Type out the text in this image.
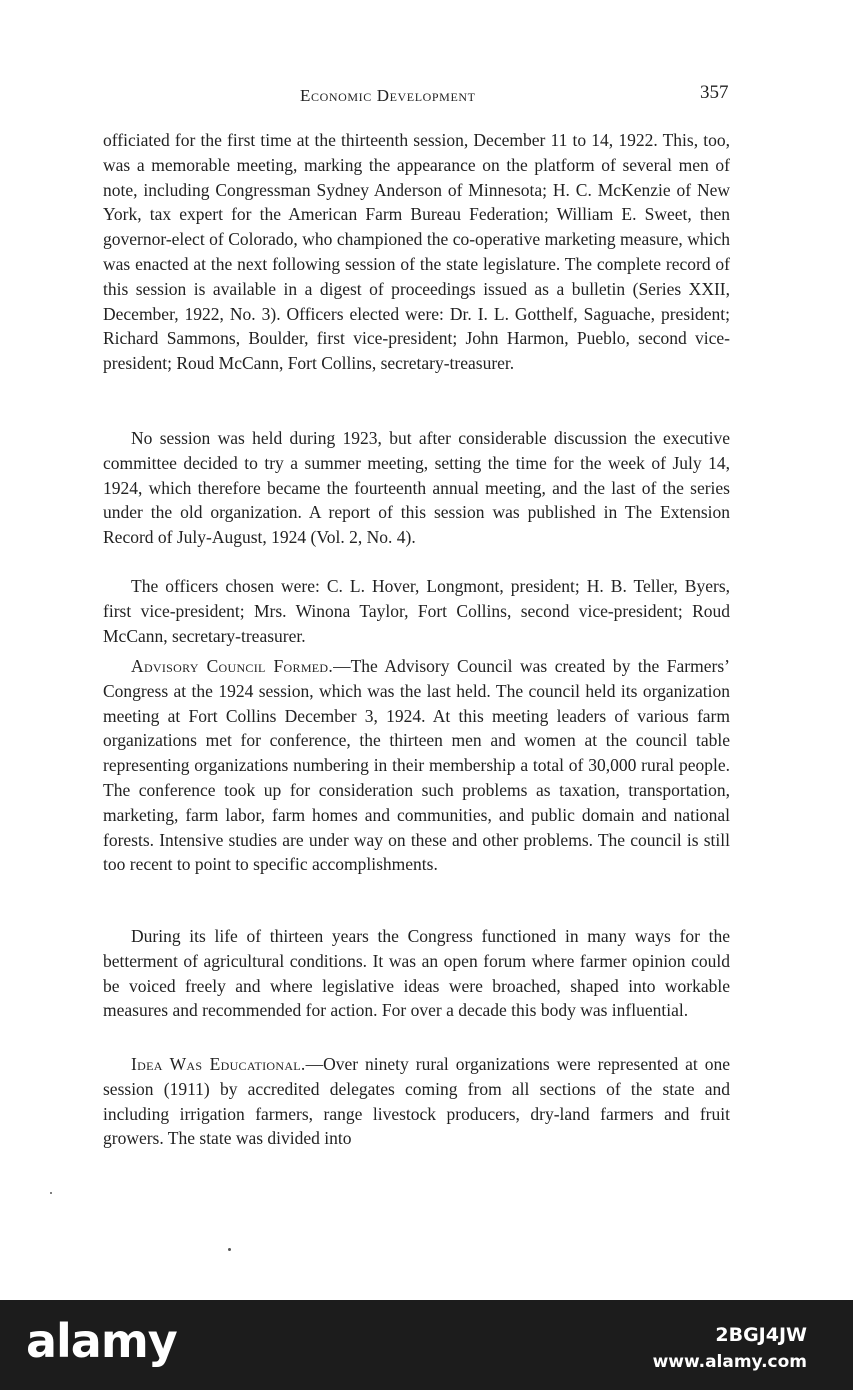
Economic Development	357

officiated for the first time at the thirteenth session, December 11 to 14, 1922. This, too, was a memorable meeting, marking the appearance on the platform of several men of note, including Congressman Sydney Anderson of Minnesota; H. C. McKenzie of New York, tax expert for the American Farm Bureau Federation; William E. Sweet, then governor-elect of Colorado, who championed the co-operative marketing measure, which was enacted at the next following session of the state legislature. The complete record of this session is available in a digest of proceedings issued as a bulletin (Series XXII, December, 1922, No. 3). Officers elected were: Dr. I. L. Gotthelf, Saguache, president; Richard Sammons, Boulder, first vice-president; John Harmon, Pueblo, second vice-president; Roud McCann, Fort Collins, secretary-treasurer.

No session was held during 1923, but after considerable discussion the executive committee decided to try a summer meeting, setting the time for the week of July 14, 1924, which therefore became the fourteenth annual meeting, and the last of the series under the old organization. A report of this session was published in The Extension Record of July-August, 1924 (Vol. 2, No. 4).

The officers chosen were: C. L. Hover, Longmont, president; H. B. Teller, Byers, first vice-president; Mrs. Winona Taylor, Fort Collins, second vice-president; Roud McCann, secretary-treasurer.

Advisory Council Formed.—The Advisory Council was created by the Farmers’ Congress at the 1924 session, which was the last held. The council held its organization meeting at Fort Collins December 3, 1924. At this meeting leaders of various farm organizations met for conference, the thirteen men and women at the council table representing organizations numbering in their membership a total of 30,000 rural people. The conference took up for consideration such problems as taxation, transportation, marketing, farm labor, farm homes and communities, and public domain and national forests. Intensive studies are under way on these and other problems. The council is still too recent to point to specific accomplishments.

During its life of thirteen years the Congress functioned in many ways for the betterment of agricultural conditions. It was an open forum where farmer opinion could be voiced freely and where legislative ideas were broached, shaped into workable measures and recommended for action. For over a decade this body was influential.

Idea Was Educational.—Over ninety rural organizations were represented at one session (1911) by accredited delegates coming from all sections of the state and including irrigation farmers, range livestock producers, dry-land farmers and fruit growers. The state was divided into

alamy	2BGJ4JW
www.alamy.com
